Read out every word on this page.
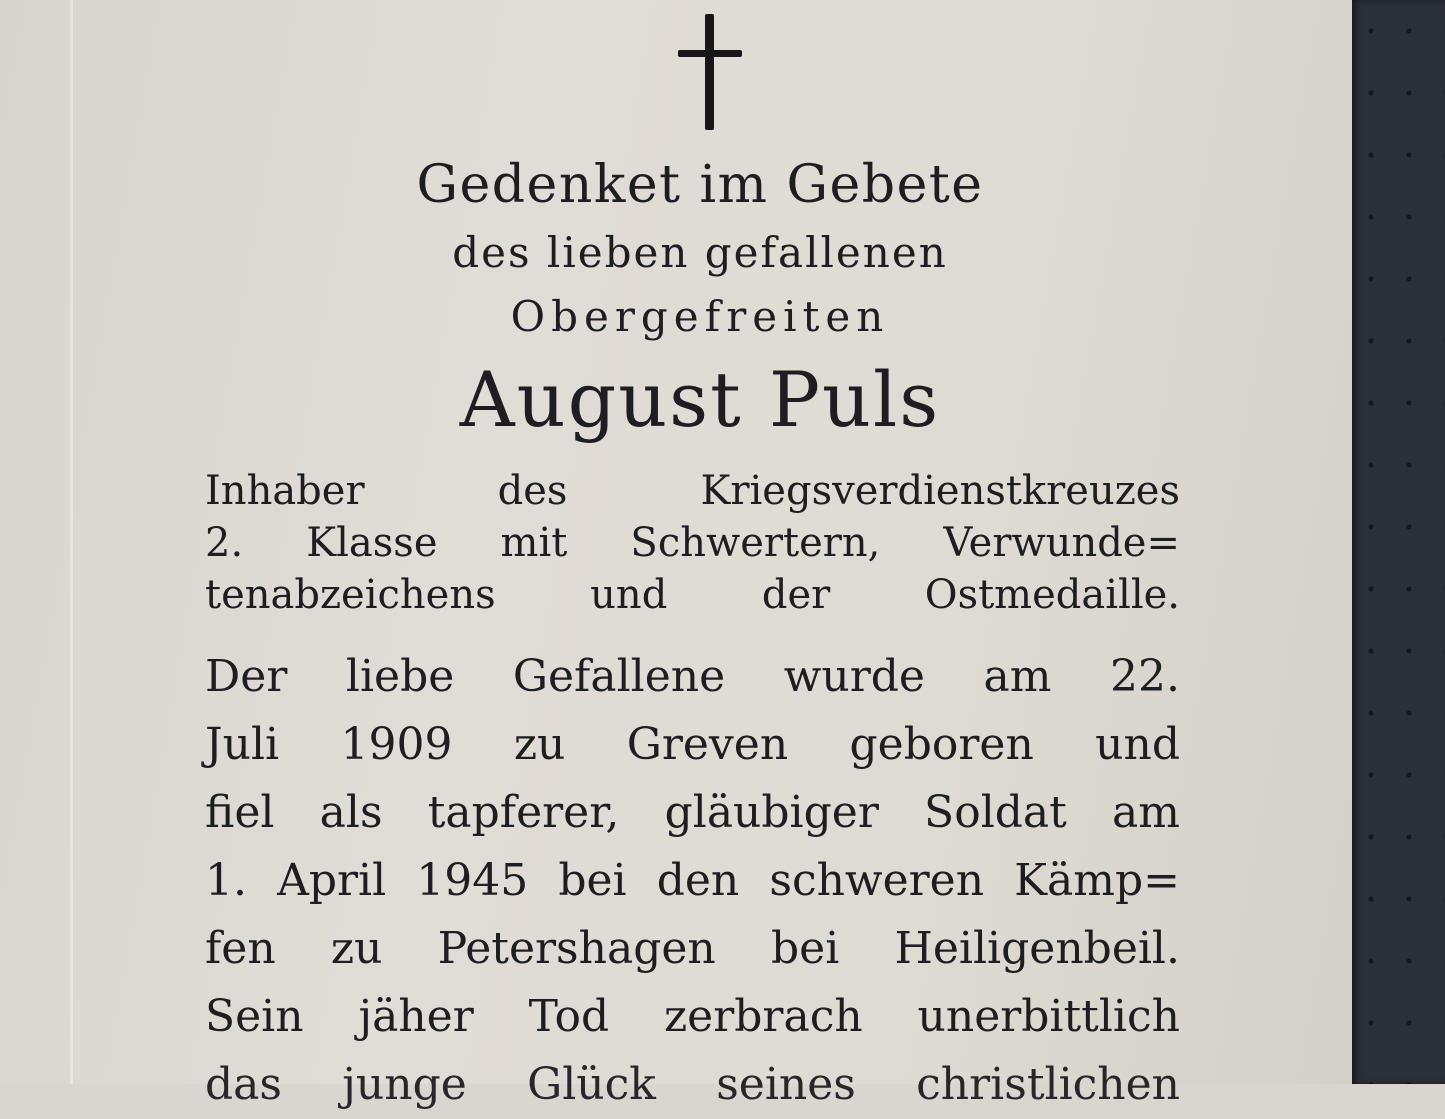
Gedenket im Gebete
des lieben gefallenen
Obergefreiten
August Puls
Inhaber des Kriegsverdienstkreuzes
2. Klasse mit Schwertern, Verwunde=
tenabzeichens und der Ostmedaille.
Der liebe Gefallene wurde am 22.
Juli 1909 zu Greven geboren und
fiel als tapferer, gläubiger Soldat am
1. April 1945 bei den schweren Kämp=
fen zu Petershagen bei Heiligenbeil.
Sein jäher Tod zerbrach unerbittlich
das junge Glück seines christlichen
